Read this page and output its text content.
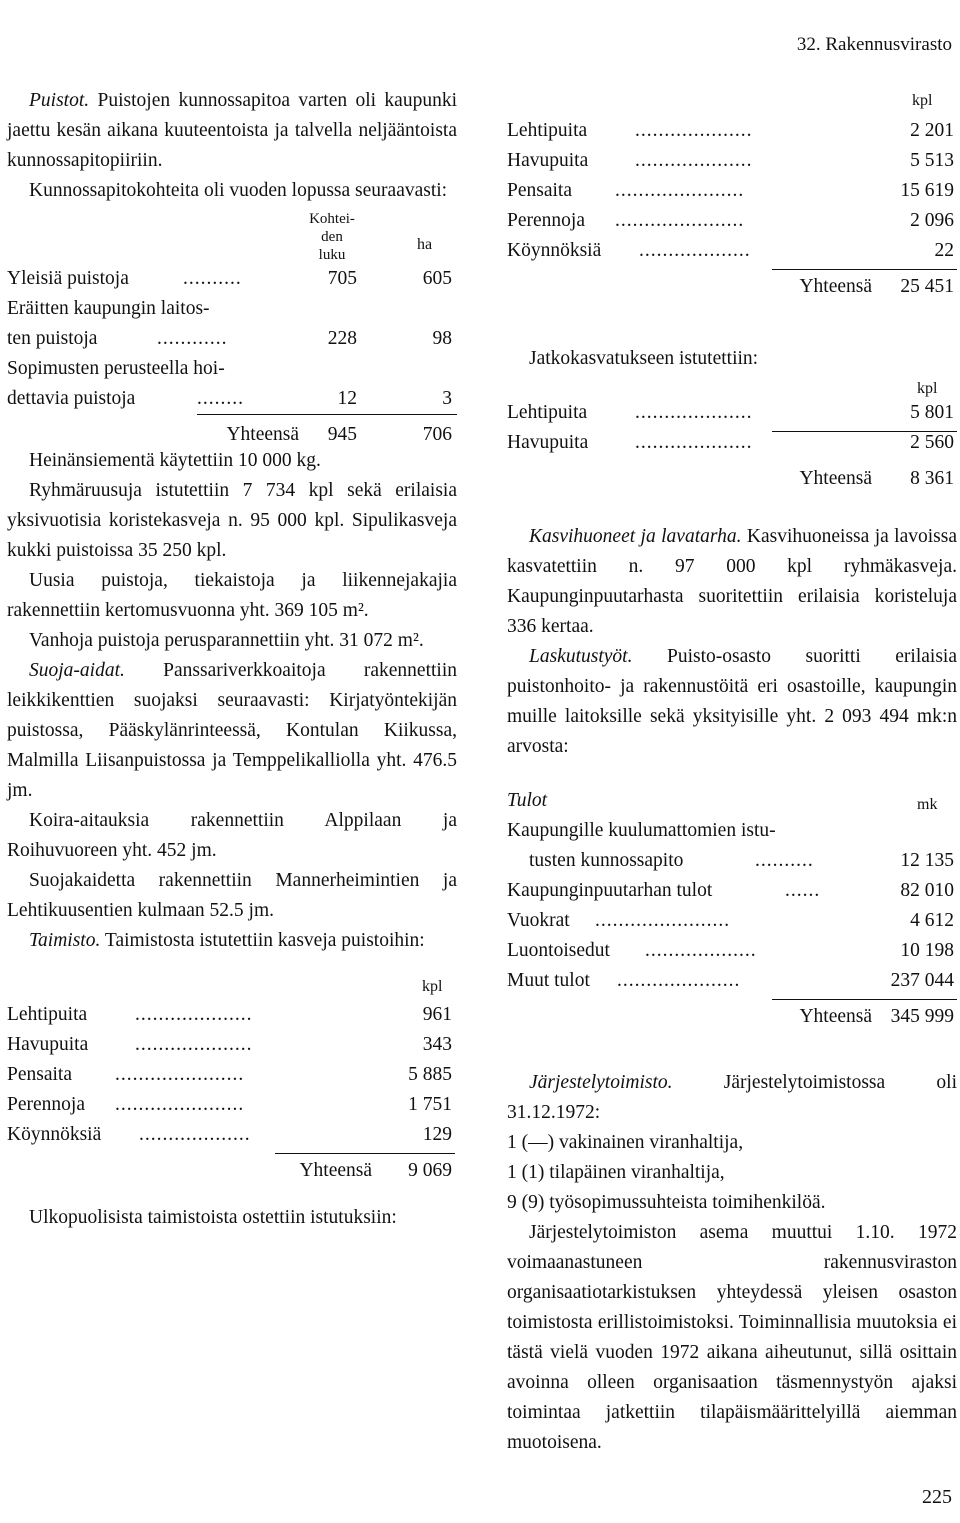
32. Rakennusvirasto

Puistot. Puistojen kunnossapitoa varten oli kaupunki jaettu kesän aikana kuuteentoista ja talvella neljääntoista kunnossapitopiiriin.

Kunnossapitokohteita oli vuoden lopussa seuraavasti:

Kohtei-
den
luku
ha
Yleisiä puistoja	..........	705	605
Eräitten kaupungin laitos-
ten puistoja	............	228	98
Sopimusten perusteella hoi-
dettavia puistoja	........	12	3
Yhteensä	945	706

Heinänsiementä käytettiin 10 000 kg.

Ryhmäruusuja istutettiin 7 734 kpl sekä erilaisia yksivuotisia koristekasveja n. 95 000 kpl. Sipulikasveja kukki puistoissa 35 250 kpl.

Uusia puistoja, tiekaistoja ja liikennejakajia rakennettiin kertomusvuonna yht. 369 105 m².

Vanhoja puistoja perusparannettiin yht. 31 072 m².

Suoja-aidat. Panssariverkkoaitoja rakennettiin leikkikenttien suojaksi seuraavasti: Kirjatyöntekijän puistossa, Pääskylänrinteessä, Kontulan Kiikussa, Malmilla Liisanpuistossa ja Temppelikalliolla yht. 476.5 jm.

Koira-aitauksia rakennettiin Alppilaan ja Roihuvuoreen yht. 452 jm.

Suojakaidetta rakennettiin Mannerheimintien ja Lehtikuusentien kulmaan 52.5 jm.

Taimisto. Taimistosta istutettiin kasveja puistoihin:

kpl
Lehtipuita ....................	961
Havupuita ....................	343
Pensaita ......................	5 885
Perennoja ......................	1 751
Köynnöksiä ...................	129
Yhteensä	9 069

Ulkopuolisista taimistoista ostettiin istutuksiin:

kpl
Lehtipuita ....................	2 201
Havupuita ....................	5 513
Pensaita ......................	15 619
Perennoja ......................	2 096
Köynnöksiä ...................	22
Yhteensä	25 451

Jatkokasvatukseen istutettiin:

kpl
Lehtipuita ....................	5 801
Havupuita ....................	2 560
Yhteensä	8 361

Kasvihuoneet ja lavatarha. Kasvihuoneissa ja lavoissa kasvatettiin n. 97 000 kpl ryhmäkasveja. Kaupunginpuutarhasta suoritettiin erilaisia koristeluja 336 kertaa.

Laskutustyöt. Puisto-osasto suoritti erilaisia puistonhoito- ja rakennustöitä eri osastoille, kaupungin muille laitoksille sekä yksityisille yht. 2 093 494 mk:n arvosta:

Tulot	mk
Kaupungille kuulumattomien istu-
tusten kunnossapito	..........	12 135
Kaupunginpuutarhan tulot	......	82 010
Vuokrat .......................	4 612
Luontoisedut ...................	10 198
Muut tulot .....................	237 044
Yhteensä 345 999

Järjestelytoimisto.	Järjestelytoimistossa oli 31.12.1972:

1 (—) vakinainen viranhaltija,
1 (1) tilapäinen viranhaltija,
9 (9) työsopimussuhteista toimihenkilöä.

Järjestelytoimiston asema muuttui 1.10. 1972 voimaanastuneen rakennusviraston organisaatiotarkistuksen yhteydessä yleisen osaston toimistosta erillistoimistoksi. Toiminnallisia muutoksia ei tästä vielä vuoden 1972 aikana aiheutunut, sillä osittain avoinna olleen organisaation täsmennystyön ajaksi toimintaa jatkettiin tilapäismäärittelyillä aiemman muotoisena.

225
